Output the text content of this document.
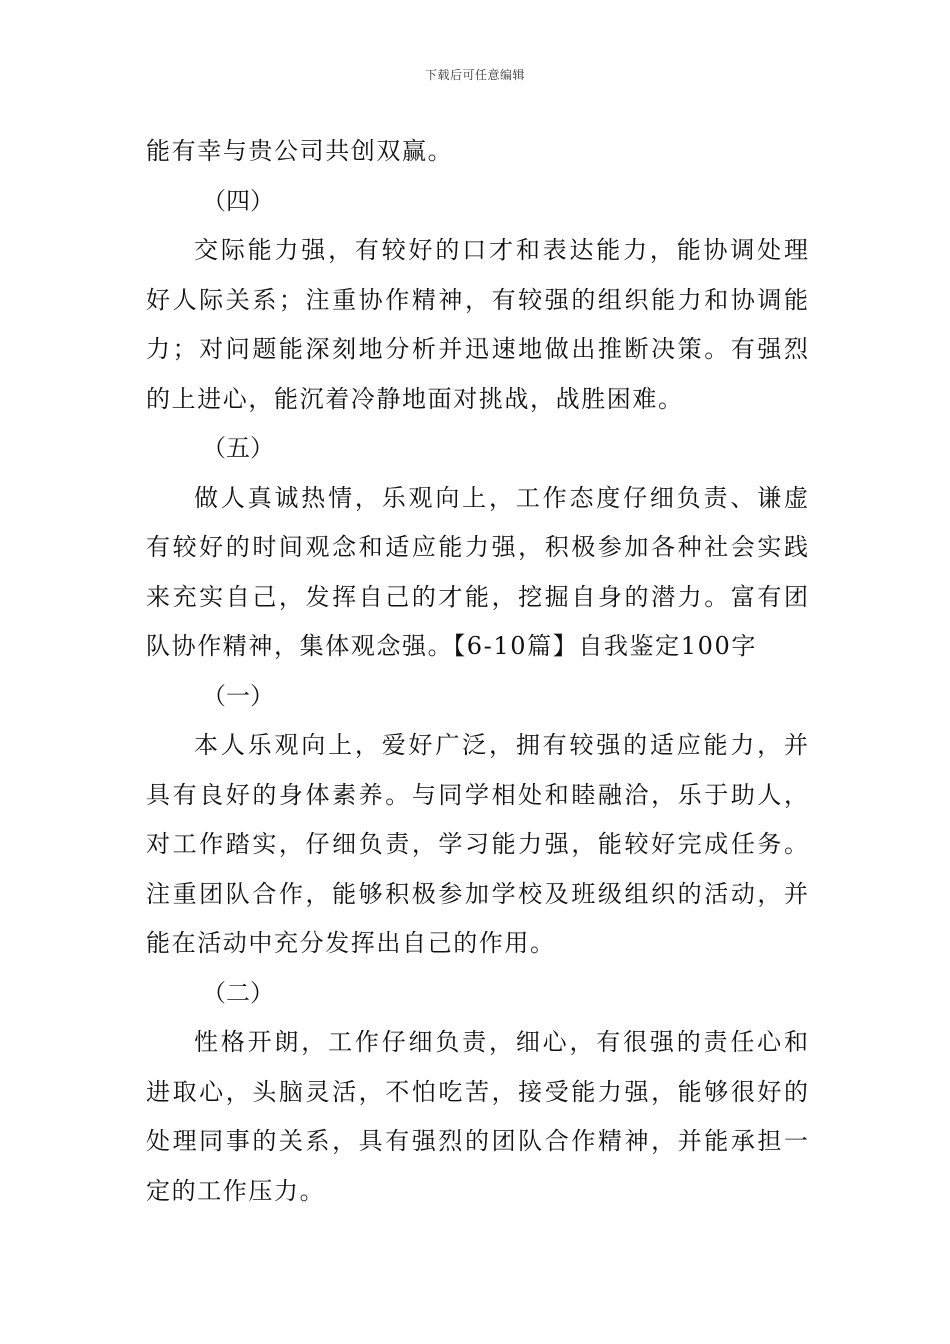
下载后可任意编辑
能有幸与贵公司共创双赢。
（四）
交际能力强，有较好的口才和表达能力，能协调处理
好人际关系；注重协作精神，有较强的组织能力和协调能
力；对问题能深刻地分析并迅速地做出推断决策。有强烈
的上进心，能沉着冷静地面对挑战，战胜困难。
（五）
做人真诚热情，乐观向上，工作态度仔细负责、谦虚
有较好的时间观念和适应能力强，积极参加各种社会实践
来充实自己，发挥自己的才能，挖掘自身的潜力。富有团
队协作精神，集体观念强。【6-10篇】自我鉴定100字
（一）
本人乐观向上，爱好广泛，拥有较强的适应能力，并
具有良好的身体素养。与同学相处和睦融洽，乐于助人，
对工作踏实，仔细负责，学习能力强，能较好完成任务。
注重团队合作，能够积极参加学校及班级组织的活动，并
能在活动中充分发挥出自己的作用。
（二）
性格开朗，工作仔细负责，细心，有很强的责任心和
进取心，头脑灵活，不怕吃苦，接受能力强，能够很好的
处理同事的关系，具有强烈的团队合作精神，并能承担一
定的工作压力。
